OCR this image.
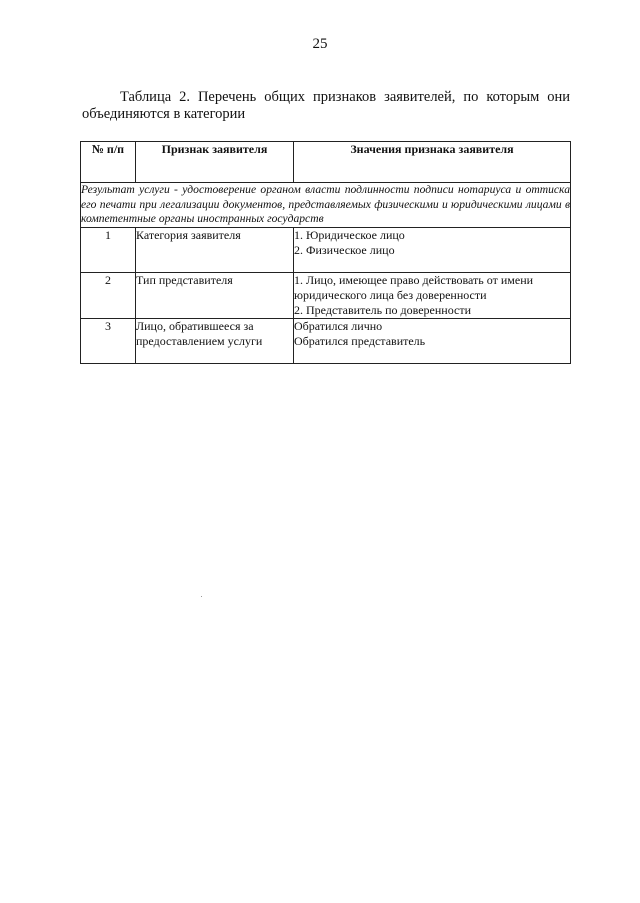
25
Таблица 2. Перечень общих признаков заявителей, по которым они
объединяются в категории
№ п/п	Признак заявителя	Значения признака заявителя
Результат услуги - удостоверение органом власти подлинности подписи нотариуса и оттиска его печати при легализации документов, представляемых физическими и юридическими лицами в компетентные органы иностранных государств		
1	Категория заявителя	1. Юридическое лицо
2. Физическое лицо

2	Тип представителя	1. Лицо, имеющее право действовать от имени юридического лица без доверенности
2. Представитель по доверенности

3	Лицо, обратившееся за предоставлением услуги	Обратился лично
Обратился представитель
